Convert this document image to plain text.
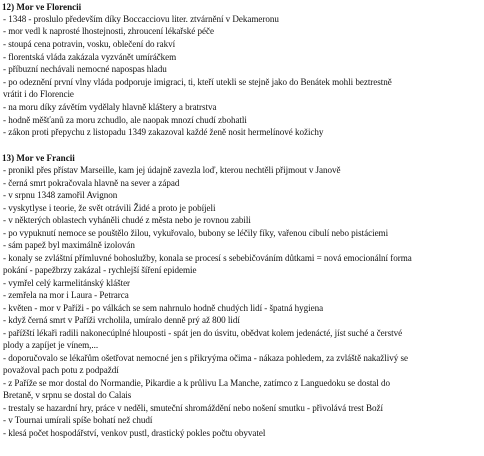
12) Mor ve Florencii
- 1348 - proslulo především díky Boccacciovu liter. ztvárnění v Dekameronu
- mor vedl k naprosté lhostejnosti, zhroucení lékařské péče
- stoupá cena potravin, vosku, oblečení do rakví
- florentská vláda zakázala vyzvánět umíráčkem
- příbuzní nechávali nemocné napospas hladu
- po odeznění první vlny vláda podporuje imigraci, ti, kteří utekli se stejně jako do Benátek mohli beztrestně
vrátit i do Florencie
- na moru díky závětím vydělaly hlavně kláštery a bratrstva
- hodně měšťanů za moru zchudlo, ale naopak mnozí chudí zbohatli
- zákon proti přepychu z listopadu 1349 zakazoval každé ženě nosit hermelínové kožichy
13) Mor ve Francii
- pronikl přes přístav Marseille, kam jej údajně zavezla loď, kterou nechtěli přijmout v Janově
- černá smrt pokračovala hlavně na sever a západ
- v srpnu 1348 zamořil Avignon
- vyskytlyse i teorie, že svět otrávili Židé a proto je pobíjeli
- v některých oblastech vyháněli chudé z města nebo je rovnou zabili
- po vypuknutí nemoce se pouštělo žilou, vykuřovalo, bubony se léčily fíky, vařenou cibulí nebo pistáciemi
- sám papež byl maximálně izolován
- konaly se zvláštní přímluvné bohoslužby, konala se procesí s sebebičováním důtkami = nová emocionální forma
pokání - papežbrzy zakázal - rychlejší šíření epidemie
- vymřel celý karmelitánský klášter
- zemřela na mor i Laura - Petrarca
- květen - mor v Paříži - po válkách se sem nahrnulo hodně chudých lidí - špatná hygiena
- když černá smrt v Paříži vrcholila, umíralo denně prý až 800 lidí
- pařížští lékaři radili nakonecúplné hlouposti - spát jen do úsvitu, obědvat kolem jedenácté, jíst suché a čerstvé
plody a zapíjet je vínem,...
- doporučovalo se lékařům ošetřovat nemocné jen s přikryýma očima - nákaza pohledem, za zvláště nakažlivý se
považoval pach potu z podpaždí
- z Paříže se mor dostal do Normandie, Pikardie a k průlivu La Manche, zatímco z Languedoku se dostal do
Bretaně, v srpnu se dostal do Calais
- trestaly se hazardní hry, práce v neděli, smuteční shromáždění nebo nošení smutku - přivolává trest Boží
- v Tournai umírali spíše bohatí než chudí
- klesá počet hospodářství, venkov pustl, drastický pokles počtu obyvatel
